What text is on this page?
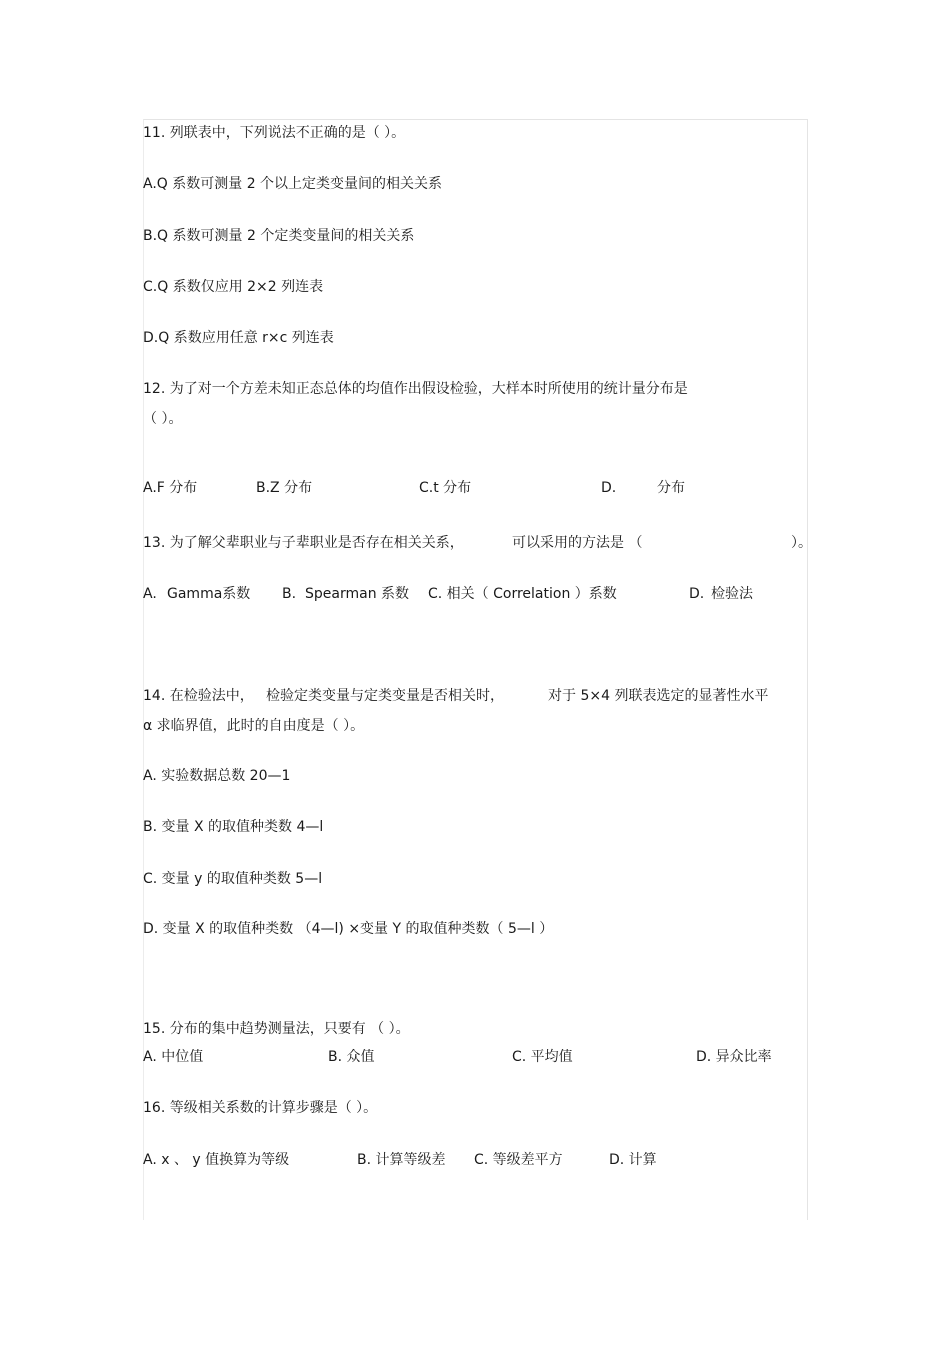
11. 列联表中，下列说法不正确的是（ ）。
A.Q 系数可测量 2 个以上定类变量间的相关关系
B.Q 系数可测量 2 个定类变量间的相关关系
C.Q 系数仅应用 2×2 列连表
D.Q 系数应用任意 r×c 列连表
12. 为了对一个方差未知正态总体的均值作出假设检验，大样本时所使用的统计量分布是
（ ）。
A.F 分布	B.Z 分布	C.t 分布	D.	分布
13. 为了解父辈职业与子辈职业是否存在相关关系，	可以采用的方法是 （	）。
A. Gamma系数 B. Spearman 系数 C. 相关（ Correlation ）系数	D. 检验法
14. 在检验法中， 检验定类变量与定类变量是否相关时，	对于 5×4 列联表选定的显著性水平
α 求临界值，此时的自由度是（ ）。
A. 实验数据总数 20—1
B. 变量 X 的取值种类数 4—l
C. 变量 y 的取值种类数 5—l
D. 变量 X 的取值种类数 （4—l) ×变量 Y 的取值种类数（ 5—l ）
15. 分布的集中趋势测量法，只要有 （ ）。
A. 中位值	B. 众值	C. 平均值	D. 异众比率
16. 等级相关系数的计算步骤是（ ）。
A. x 、 y 值换算为等级	B. 计算等级差 C. 等级差平方	D. 计算
